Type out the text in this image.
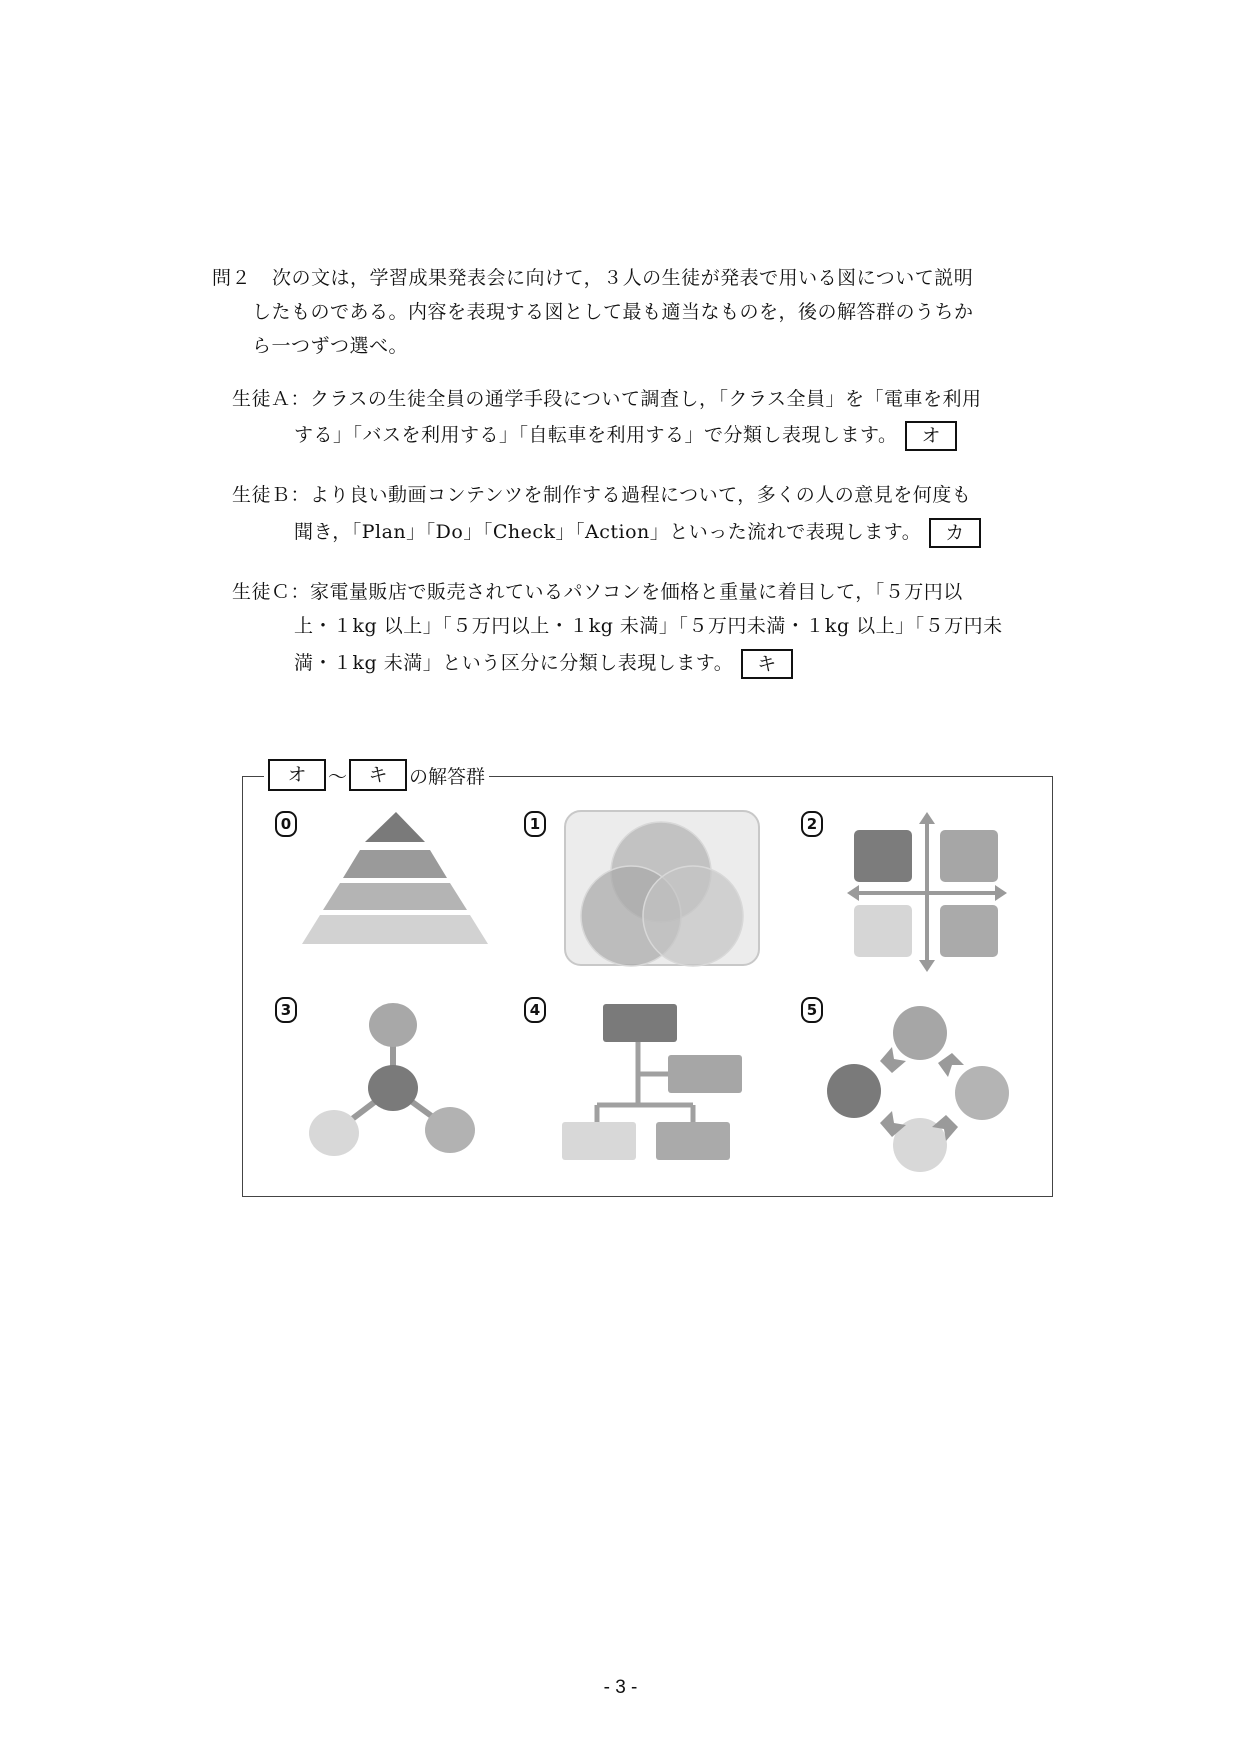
問２ 次の文は，学習成果発表会に向けて，３人の生徒が発表で用いる図について説明
したものである。内容を表現する図として最も適当なものを，後の解答群のうちか
ら一つずつ選べ。
生徒Ａ：クラスの生徒全員の通学手段について調査し，「クラス全員」を「電車を利用
する」「バスを利用する」「自転車を利用する」で分類し表現します。 オ
生徒Ｂ：より良い動画コンテンツを制作する過程について，多くの人の意見を何度も
聞き，「Plan」「Do」「Check」「Action」といった流れで表現します。 カ
生徒Ｃ：家電量販店で販売されているパソコンを価格と重量に着目して，「５万円以
上・１kg 以上」「５万円以上・１kg 未満」「５万円未満・１kg 以上」「５万円未
満・１kg 未満」という区分に分類し表現します。 キ
オ	～	キ	の解答群
0	1	2
3	4	5
- 3 -
